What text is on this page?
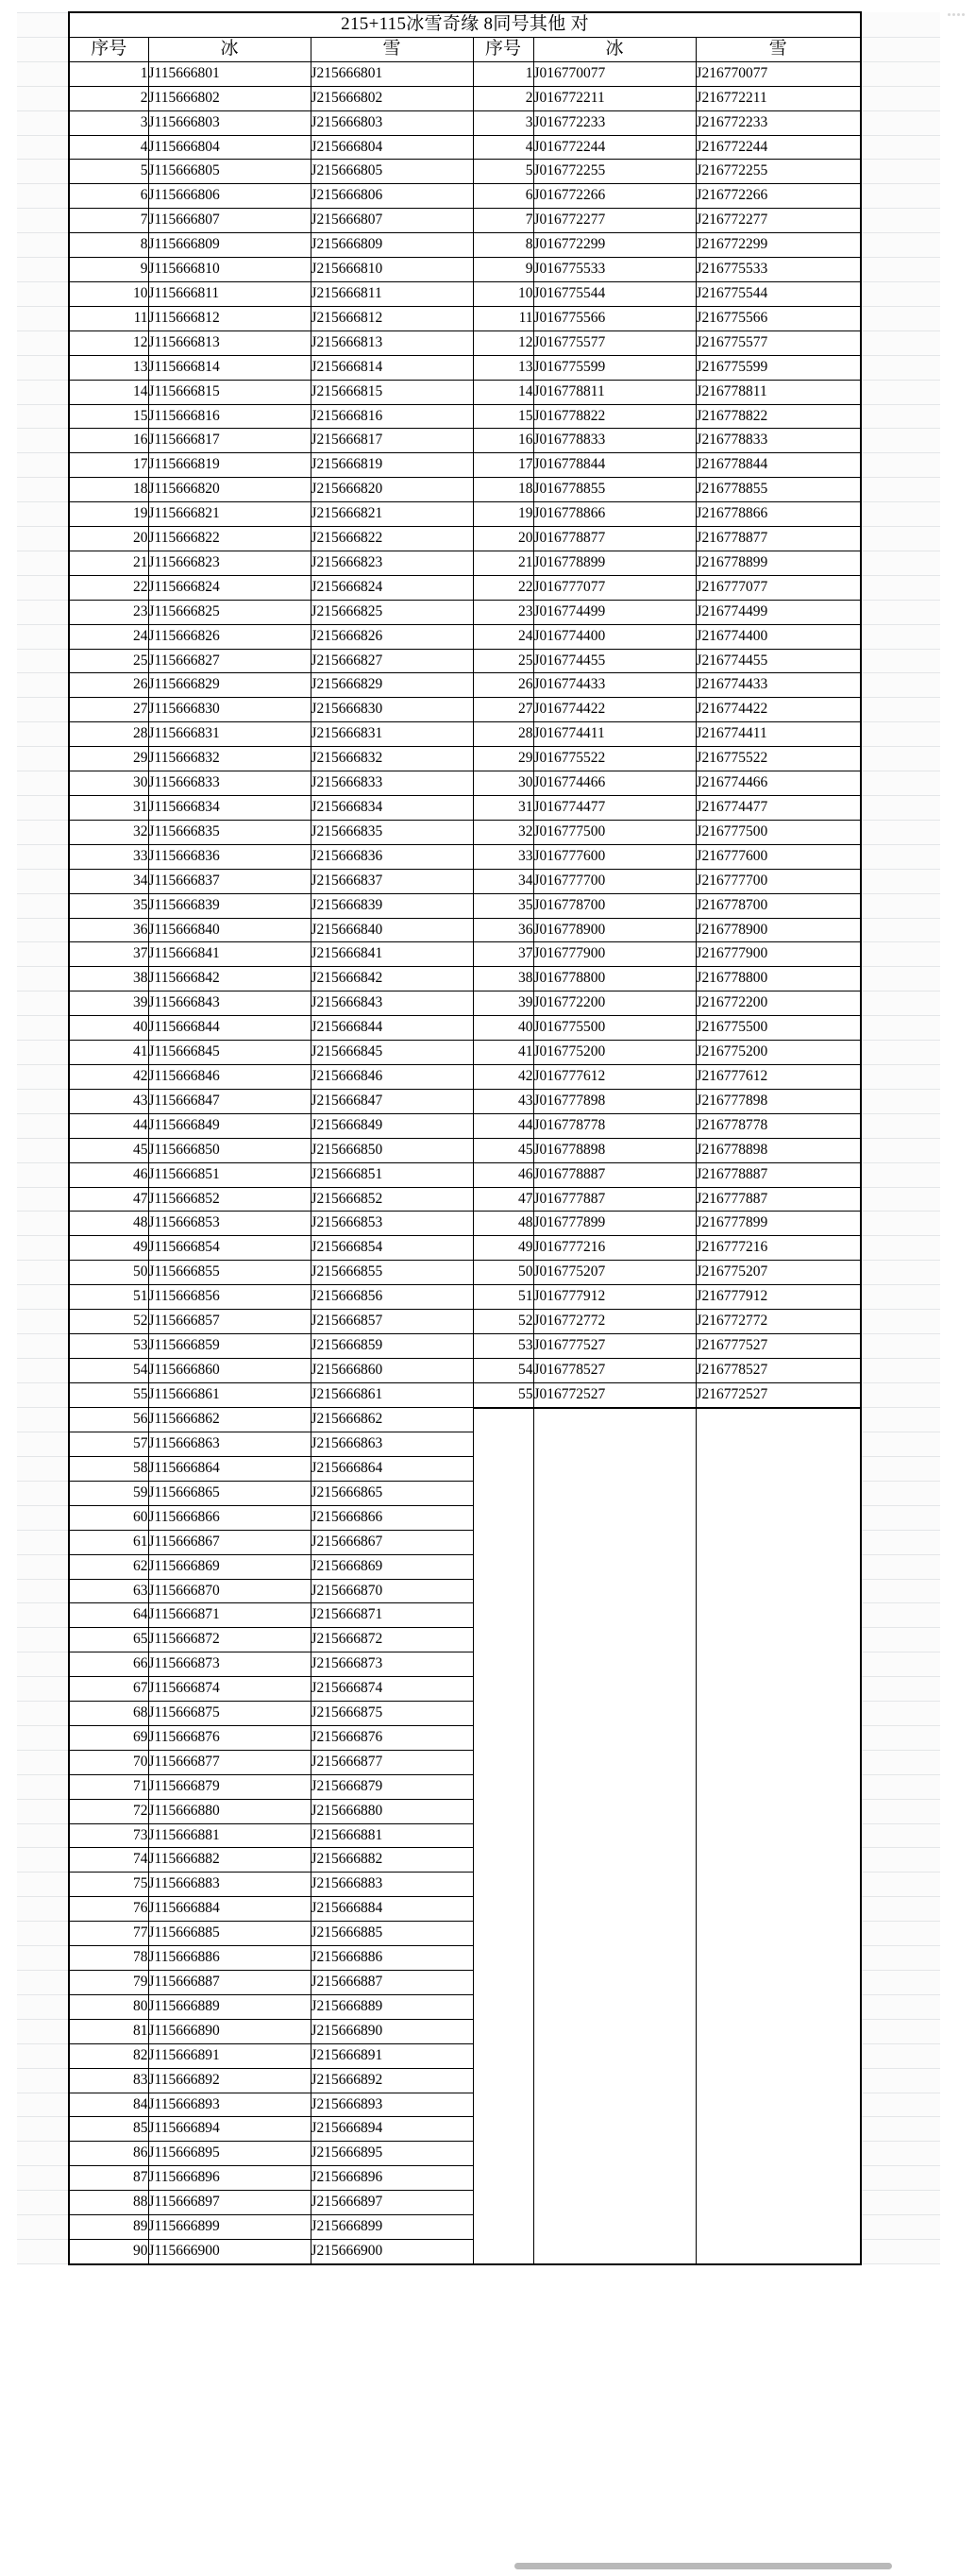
	215+115冰雪奇缘 8同号其他 对						
	序号	冰	雪	序号	冰	雪	
	1	J115666801	J215666801	1	J016770077	J216770077	
	2	J115666802	J215666802	2	J016772211	J216772211	
	3	J115666803	J215666803	3	J016772233	J216772233	
	4	J115666804	J215666804	4	J016772244	J216772244	
	5	J115666805	J215666805	5	J016772255	J216772255	
	6	J115666806	J215666806	6	J016772266	J216772266	
	7	J115666807	J215666807	7	J016772277	J216772277	
	8	J115666809	J215666809	8	J016772299	J216772299	
	9	J115666810	J215666810	9	J016775533	J216775533	
	10	J115666811	J215666811	10	J016775544	J216775544	
	11	J115666812	J215666812	11	J016775566	J216775566	
	12	J115666813	J215666813	12	J016775577	J216775577	
	13	J115666814	J215666814	13	J016775599	J216775599	
	14	J115666815	J215666815	14	J016778811	J216778811	
	15	J115666816	J215666816	15	J016778822	J216778822	
	16	J115666817	J215666817	16	J016778833	J216778833	
	17	J115666819	J215666819	17	J016778844	J216778844	
	18	J115666820	J215666820	18	J016778855	J216778855	
	19	J115666821	J215666821	19	J016778866	J216778866	
	20	J115666822	J215666822	20	J016778877	J216778877	
	21	J115666823	J215666823	21	J016778899	J216778899	
	22	J115666824	J215666824	22	J016777077	J216777077	
	23	J115666825	J215666825	23	J016774499	J216774499	
	24	J115666826	J215666826	24	J016774400	J216774400	
	25	J115666827	J215666827	25	J016774455	J216774455	
	26	J115666829	J215666829	26	J016774433	J216774433	
	27	J115666830	J215666830	27	J016774422	J216774422	
	28	J115666831	J215666831	28	J016774411	J216774411	
	29	J115666832	J215666832	29	J016775522	J216775522	
	30	J115666833	J215666833	30	J016774466	J216774466	
	31	J115666834	J215666834	31	J016774477	J216774477	
	32	J115666835	J215666835	32	J016777500	J216777500	
	33	J115666836	J215666836	33	J016777600	J216777600	
	34	J115666837	J215666837	34	J016777700	J216777700	
	35	J115666839	J215666839	35	J016778700	J216778700	
	36	J115666840	J215666840	36	J016778900	J216778900	
	37	J115666841	J215666841	37	J016777900	J216777900	
	38	J115666842	J215666842	38	J016778800	J216778800	
	39	J115666843	J215666843	39	J016772200	J216772200	
	40	J115666844	J215666844	40	J016775500	J216775500	
	41	J115666845	J215666845	41	J016775200	J216775200	
	42	J115666846	J215666846	42	J016777612	J216777612	
	43	J115666847	J215666847	43	J016777898	J216777898	
	44	J115666849	J215666849	44	J016778778	J216778778	
	45	J115666850	J215666850	45	J016778898	J216778898	
	46	J115666851	J215666851	46	J016778887	J216778887	
	47	J115666852	J215666852	47	J016777887	J216777887	
	48	J115666853	J215666853	48	J016777899	J216777899	
	49	J115666854	J215666854	49	J016777216	J216777216	
	50	J115666855	J215666855	50	J016775207	J216775207	
	51	J115666856	J215666856	51	J016777912	J216777912	
	52	J115666857	J215666857	52	J016772772	J216772772	
	53	J115666859	J215666859	53	J016777527	J216777527	
	54	J115666860	J215666860	54	J016778527	J216778527	
	55	J115666861	J215666861	55	J016772527	J216772527	
	56	J115666862	J215666862				
	57	J115666863	J215666863				
	58	J115666864	J215666864				
	59	J115666865	J215666865				
	60	J115666866	J215666866				
	61	J115666867	J215666867				
	62	J115666869	J215666869				
	63	J115666870	J215666870				
	64	J115666871	J215666871				
	65	J115666872	J215666872				
	66	J115666873	J215666873				
	67	J115666874	J215666874				
	68	J115666875	J215666875				
	69	J115666876	J215666876				
	70	J115666877	J215666877				
	71	J115666879	J215666879				
	72	J115666880	J215666880				
	73	J115666881	J215666881				
	74	J115666882	J215666882				
	75	J115666883	J215666883				
	76	J115666884	J215666884				
	77	J115666885	J215666885				
	78	J115666886	J215666886				
	79	J115666887	J215666887				
	80	J115666889	J215666889				
	81	J115666890	J215666890				
	82	J115666891	J215666891				
	83	J115666892	J215666892				
	84	J115666893	J215666893				
	85	J115666894	J215666894				
	86	J115666895	J215666895				
	87	J115666896	J215666896				
	88	J115666897	J215666897				
	89	J115666899	J215666899				
	90	J115666900	J215666900				
